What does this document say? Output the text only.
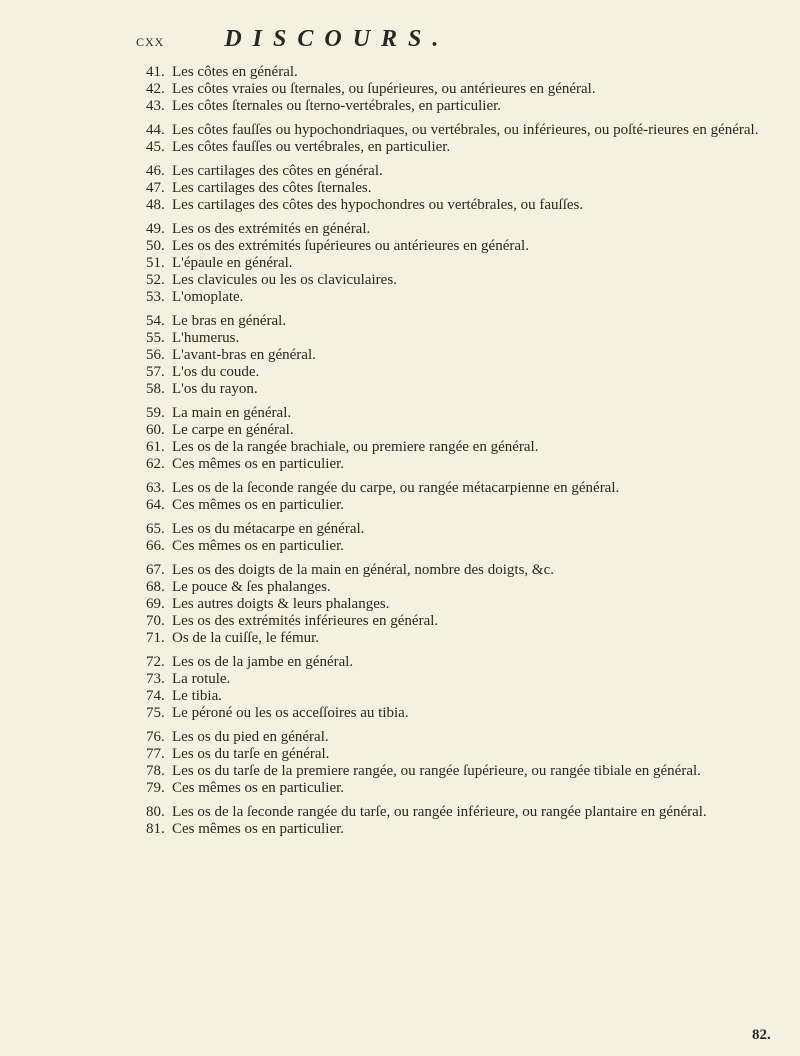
cxx	DISCOURS.
41. Les côtes en général.
42. Les côtes vraies ou ſternales, ou ſupérieures, ou antérieures en général.
43. Les côtes ſternales ou ſterno-vertébrales, en particulier.
44. Les côtes fauſſes ou hypochondriaques, ou vertébrales, ou inférieures, ou poſté-rieures en général.
45. Les côtes fauſſes ou vertébrales, en particulier.
46. Les cartilages des côtes en général.
47. Les cartilages des côtes ſternales.
48. Les cartilages des côtes des hypochondres ou vertébrales, ou fauſſes.
49. Les os des extrémités en général.
50. Les os des extrémités ſupérieures ou antérieures en général.
51. L'épaule en général.
52. Les clavicules ou les os claviculaires.
53. L'omoplate.
54. Le bras en général.
55. L'humerus.
56. L'avant-bras en général.
57. L'os du coude.
58. L'os du rayon.
59. La main en général.
60. Le carpe en général.
61. Les os de la rangée brachiale, ou premiere rangée en général.
62. Ces mêmes os en particulier.
63. Les os de la ſeconde rangée du carpe, ou rangée métacarpienne en général.
64. Ces mêmes os en particulier.
65. Les os du métacarpe en général.
66. Ces mêmes os en particulier.
67. Les os des doigts de la main en général, nombre des doigts, &c.
68. Le pouce & ſes phalanges.
69. Les autres doigts & leurs phalanges.
70. Les os des extrémités inférieures en général.
71. Os de la cuiſſe, le fémur.
72. Les os de la jambe en général.
73. La rotule.
74. Le tibia.
75. Le péroné ou les os acceſſoires au tibia.
76. Les os du pied en général.
77. Les os du tarſe en général.
78. Les os du tarſe de la premiere rangée, ou rangée ſupérieure, ou rangée tibiale en général.
79. Ces mêmes os en particulier.
80. Les os de la ſeconde rangée du tarſe, ou rangée inférieure, ou rangée plantaire en général.
81. Ces mêmes os en particulier.
82.
